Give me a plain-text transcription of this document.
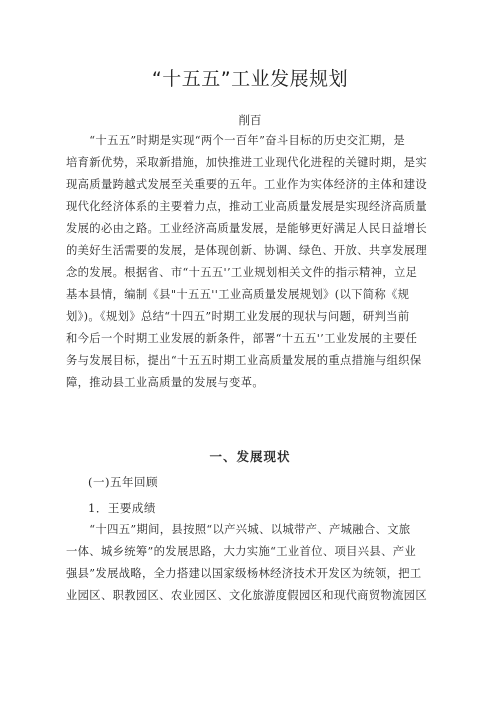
“十五五”工业发展规划
削百
　　“十五五”时期是实现“两个一百年”奋斗目标的历史交汇期，是
培育新优势，采取新措施，加快推进工业现代化进程的关键时期，是实
现高质量跨越式发展至关重要的五年。工业作为实体经济的主体和建设
现代化经济体系的主要着力点，推动工业高质量发展是实现经济高质量
发展的必由之路。工业经济高质量发展，是能够更好满足人民日益增长
的美好生活需要的发展，是体现创新、协调、绿色、开放、共享发展理
念的发展。根据省、市“十五五'’工业规划相关文件的指示精神，立足
基本县情，编制《县"十五五''工业高质量发展规划》(以下简称《规
划》)。《规划》总结“十四五”时期工业发展的现状与问题，研判当前
和今后一个时期工业发展的新条件，部署“十五五'’工业发展的主要任
务与发展目标，提出“十五五时期工业高质量发展的重点措施与组织保
障，推动县工业高质量的发展与变革。
一、发展现状
(一)五年回顾
1．王要成绩
　　“十四五”期间，县按照“以产兴城、以城带产、产城融合、文旅
一体、城乡统筹”的发展思路，大力实施“工业首位、项目兴县、产业
强县”发展战略，全力搭建以国家级杨林经济技术开发区为统领，把工
业园区、职教园区、农业园区、文化旅游度假园区和现代商贸物流园区
